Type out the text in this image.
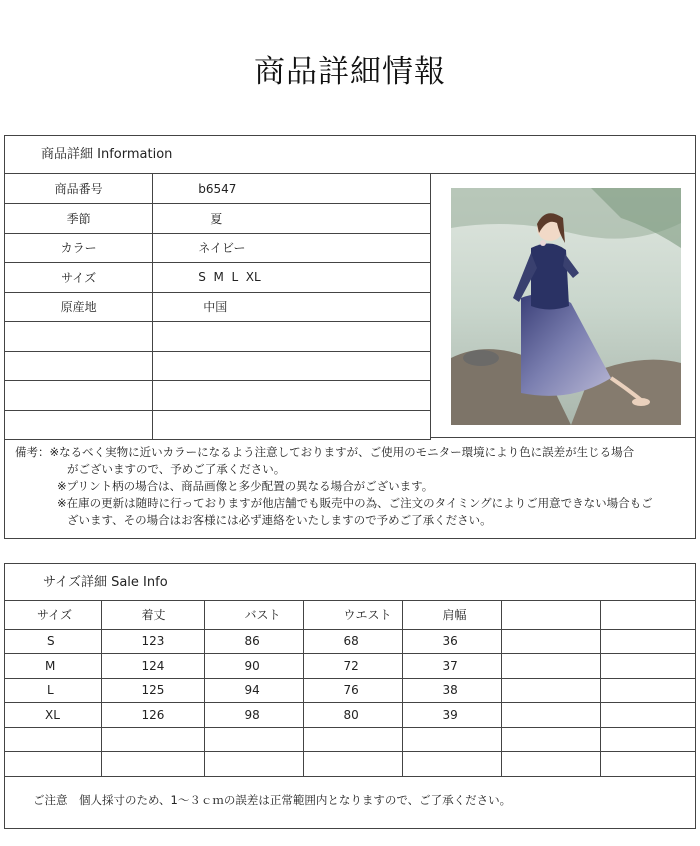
商品詳細情報
商品詳細 Information
商品番号	b6547
季節	夏
カラー	ネイビー
サイズ	S  M  L  XL
原産地	中国

備考：※なるべく実物に近いカラーになるよう注意しておりますが、ご使用のモニター環境により色に誤差が生じる場合
がございますので、予めご了承ください。
※プリント柄の場合は、商品画像と多少配置の異なる場合がございます。
※在庫の更新は随時に行っておりますが他店舗でも販売中の為、ご注文のタイミングによりご用意できない場合もご
ざいます、その場合はお客様には必ず連絡をいたしますので予めご了承ください。
サイズ詳細 Sale Info
サイズ	着丈	バスト	ウエスト	肩幅		
S	123	86	68	36		
M	124	90	72	37		
L	125	94	76	38		
XL	126	98	80	39		

ご注意　個人採寸のため、1～３ｃｍの誤差は正常範囲内となりますので、ご了承ください。
